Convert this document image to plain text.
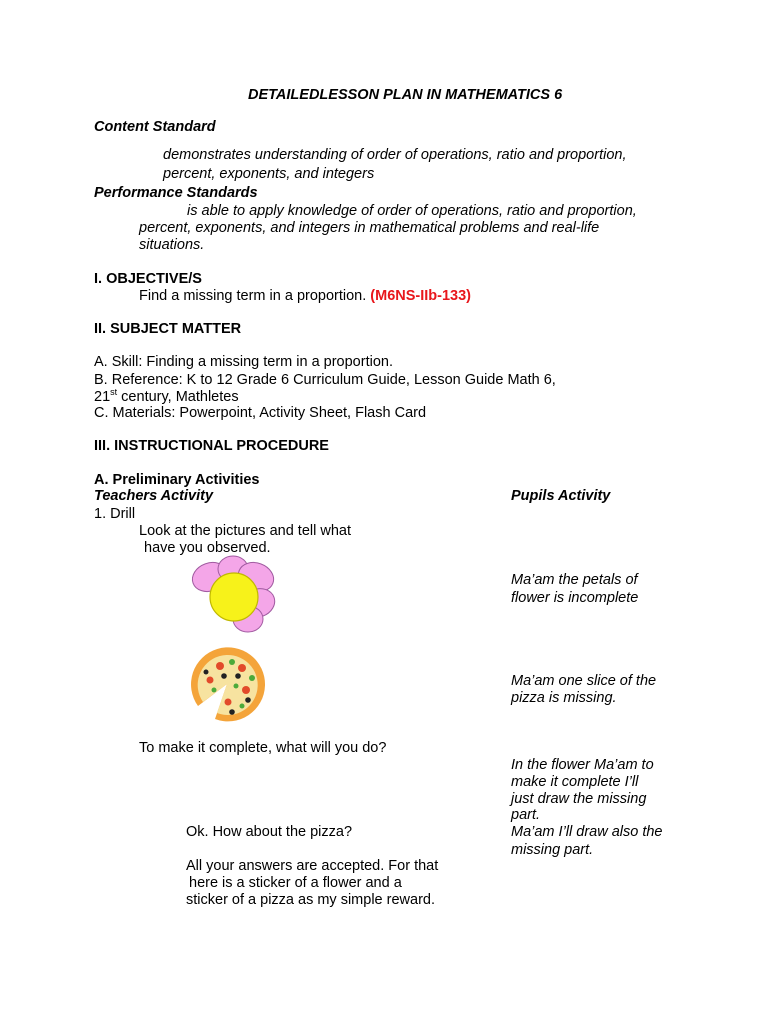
DETAILEDLESSON PLAN IN MATHEMATICS 6
Content Standard
demonstrates understanding of order of operations, ratio and proportion,
percent, exponents, and integers
Performance Standards
is able to apply knowledge of order of operations, ratio and proportion,
percent, exponents, and integers in mathematical problems and real-life
situations.
I. OBJECTIVE/S
Find a missing term in a proportion. (M6NS-IIb-133)
II. SUBJECT MATTER
A. Skill: Finding a missing term in a proportion.
B. Reference: K to 12 Grade 6 Curriculum Guide, Lesson Guide Math 6,
21st century, Mathletes
C. Materials: Powerpoint, Activity Sheet, Flash Card
III. INSTRUCTIONAL PROCEDURE
A. Preliminary Activities
Teachers Activity	Pupils Activity
1. Drill
Look at the pictures and tell what
have you observed.
Ma’am the petals of
flower is incomplete
Ma’am one slice of the
pizza is missing.
To make it complete, what will you do?
In the flower Ma’am to
make it complete I’ll
just draw the missing
part.
Ok. How about the pizza?	Ma’am I’ll draw also the
missing part.
All your answers are accepted. For that
here is a sticker of a flower and a
sticker of a pizza as my simple reward.
